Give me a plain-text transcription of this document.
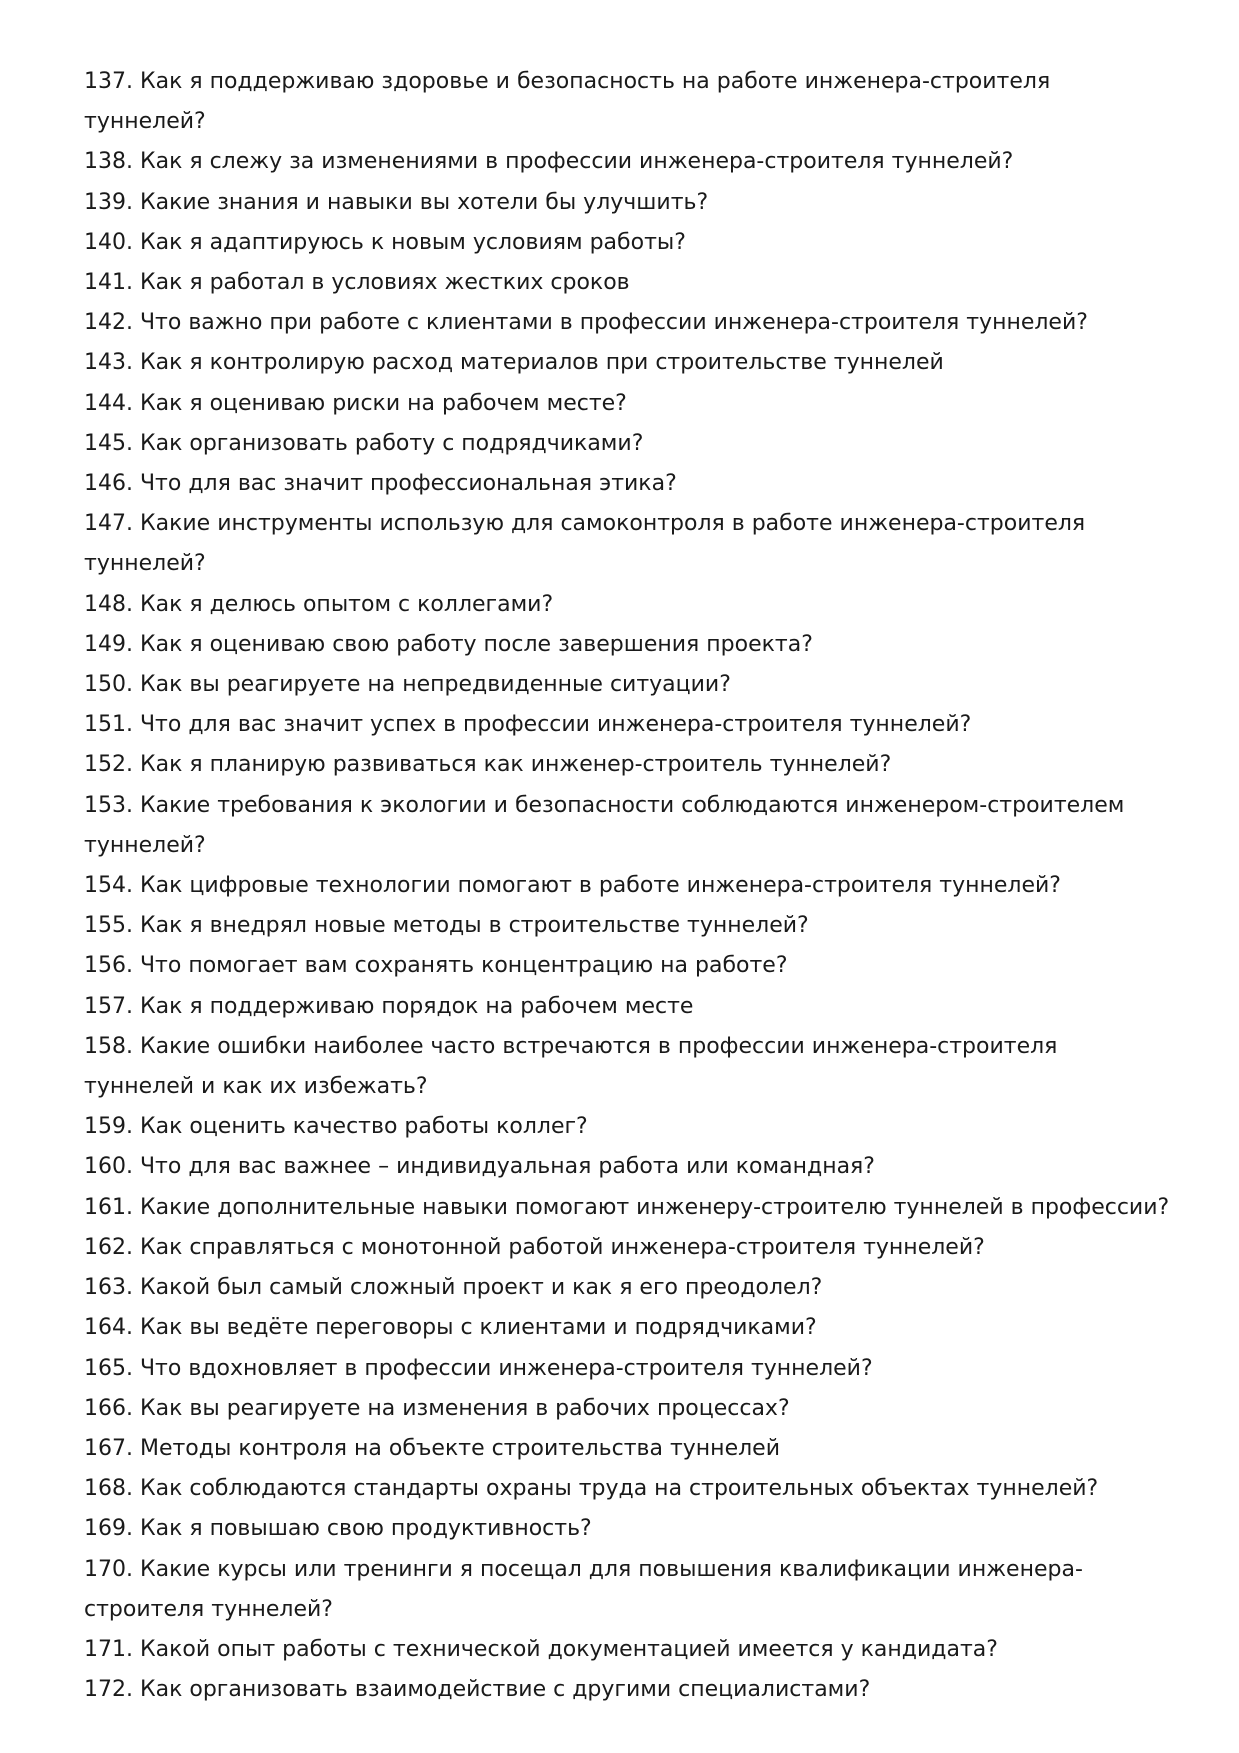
137. Как я поддерживаю здоровье и безопасность на работе инженера-строителя туннелей?
138. Как я слежу за изменениями в профессии инженера-строителя туннелей?
139. Какие знания и навыки вы хотели бы улучшить?
140. Как я адаптируюсь к новым условиям работы?
141. Как я работал в условиях жестких сроков
142. Что важно при работе с клиентами в профессии инженера-строителя туннелей?
143. Как я контролирую расход материалов при строительстве туннелей
144. Как я оцениваю риски на рабочем месте?
145. Как организовать работу с подрядчиками?
146. Что для вас значит профессиональная этика?
147. Какие инструменты использую для самоконтроля в работе инженера-строителя туннелей?
148. Как я делюсь опытом с коллегами?
149. Как я оцениваю свою работу после завершения проекта?
150. Как вы реагируете на непредвиденные ситуации?
151. Что для вас значит успех в профессии инженера-строителя туннелей?
152. Как я планирую развиваться как инженер-строитель туннелей?
153. Какие требования к экологии и безопасности соблюдаются инженером-строителем туннелей?
154. Как цифровые технологии помогают в работе инженера-строителя туннелей?
155. Как я внедрял новые методы в строительстве туннелей?
156. Что помогает вам сохранять концентрацию на работе?
157. Как я поддерживаю порядок на рабочем месте
158. Какие ошибки наиболее часто встречаются в профессии инженера-строителя туннелей и как их избежать?
159. Как оценить качество работы коллег?
160. Что для вас важнее – индивидуальная работа или командная?
161. Какие дополнительные навыки помогают инженеру-строителю туннелей в профессии?
162. Как справляться с монотонной работой инженера-строителя туннелей?
163. Какой был самый сложный проект и как я его преодолел?
164. Как вы ведёте переговоры с клиентами и подрядчиками?
165. Что вдохновляет в профессии инженера-строителя туннелей?
166. Как вы реагируете на изменения в рабочих процессах?
167. Методы контроля на объекте строительства туннелей
168. Как соблюдаются стандарты охраны труда на строительных объектах туннелей?
169. Как я повышаю свою продуктивность?
170. Какие курсы или тренинги я посещал для повышения квалификации инженера-строителя туннелей?
171. Какой опыт работы с технической документацией имеется у кандидата?
172. Как организовать взаимодействие с другими специалистами?
